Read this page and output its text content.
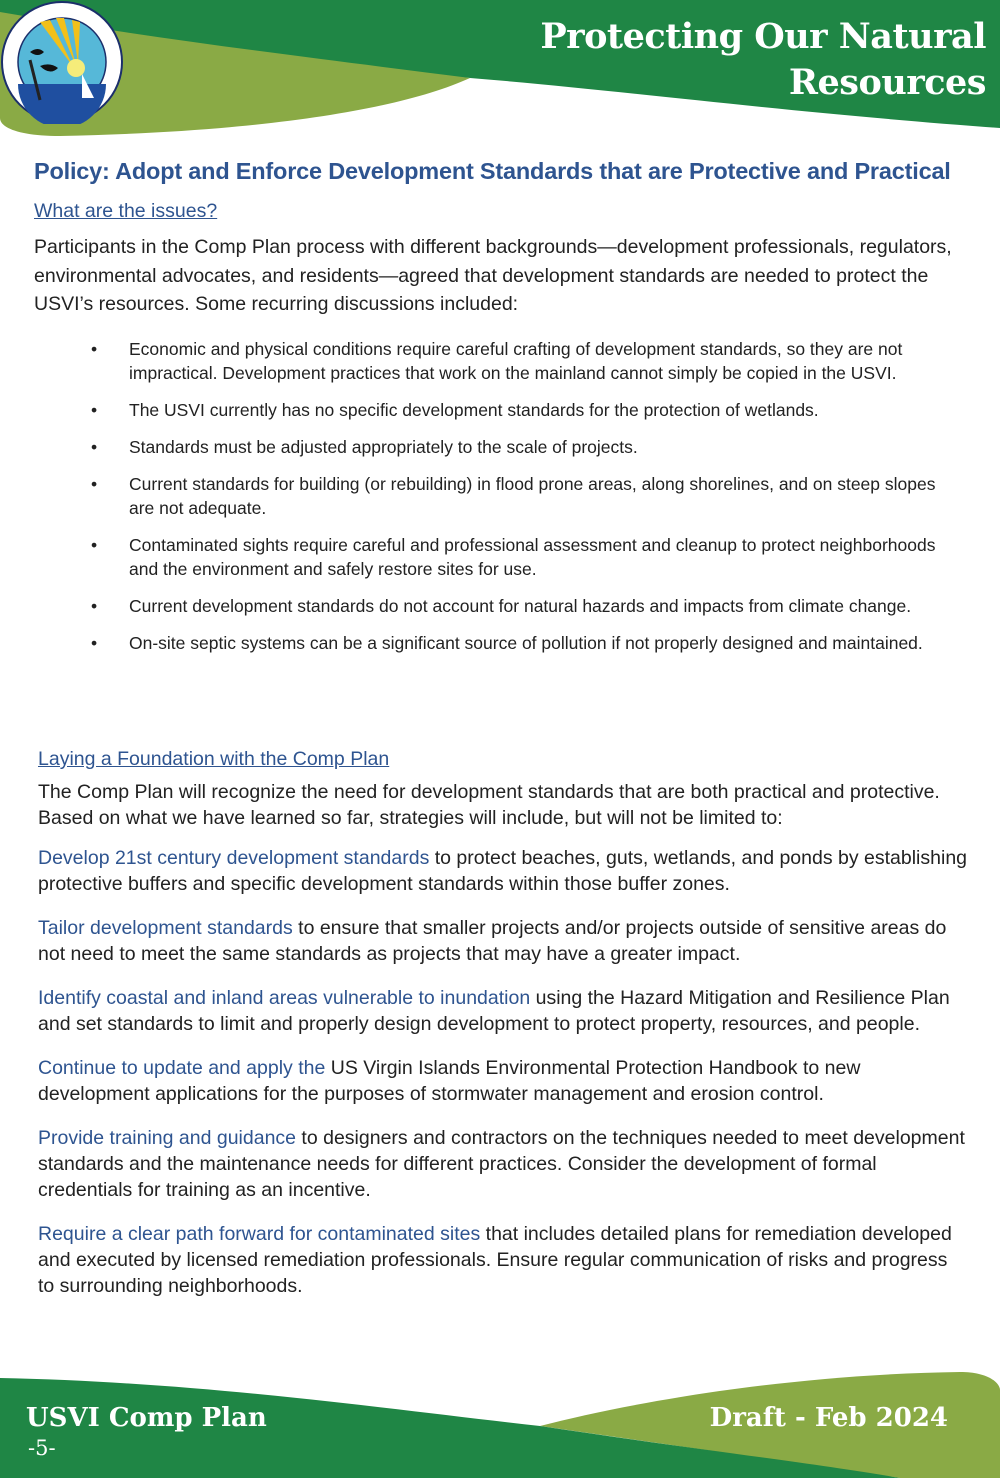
Protecting Our Natural
Resources
Policy: Adopt and Enforce Development Standards that are Protective and Practical
What are the issues?

Participants in the Comp Plan process with different backgrounds—development professionals, regulators, environmental advocates, and residents—agreed that development standards are needed to protect the USVI’s resources. Some recurring discussions included:

• Economic and physical conditions require careful crafting of development standards, so they are not impractical. Development practices that work on the mainland cannot simply be copied in the USVI.
• The USVI currently has no specific development standards for the protection of wetlands.
• Standards must be adjusted appropriately to the scale of projects.
• Current standards for building (or rebuilding) in flood prone areas, along shorelines, and on steep slopes are not adequate.
• Contaminated sights require careful and professional assessment and cleanup to protect neighborhoods and the environment and safely restore sites for use.
• Current development standards do not account for natural hazards and impacts from climate change.
• On-site septic systems can be a significant source of pollution if not properly designed and maintained.
Laying a Foundation with the Comp Plan

The Comp Plan will recognize the need for development standards that are both practical and protective. Based on what we have learned so far, strategies will include, but will not be limited to:

Develop 21st century development standards to protect beaches, guts, wetlands, and ponds by establishing protective buffers and specific development standards within those buffer zones.

Tailor development standards to ensure that smaller projects and/or projects outside of sensitive areas do not need to meet the same standards as projects that may have a greater impact.

Identify coastal and inland areas vulnerable to inundation using the Hazard Mitigation and Resilience Plan and set standards to limit and properly design development to protect property, resources, and people.

Continue to update and apply the US Virgin Islands Environmental Protection Handbook to new development applications for the purposes of stormwater management and erosion control.

Provide training and guidance to designers and contractors on the techniques needed to meet development standards and the maintenance needs for different practices. Consider the development of formal credentials for training as an incentive.

Require a clear path forward for contaminated sites that includes detailed plans for remediation developed and executed by licensed remediation professionals. Ensure regular communication of risks and progress to surrounding neighborhoods.

USVI Comp Plan
-5-
Draft - Feb 2024
